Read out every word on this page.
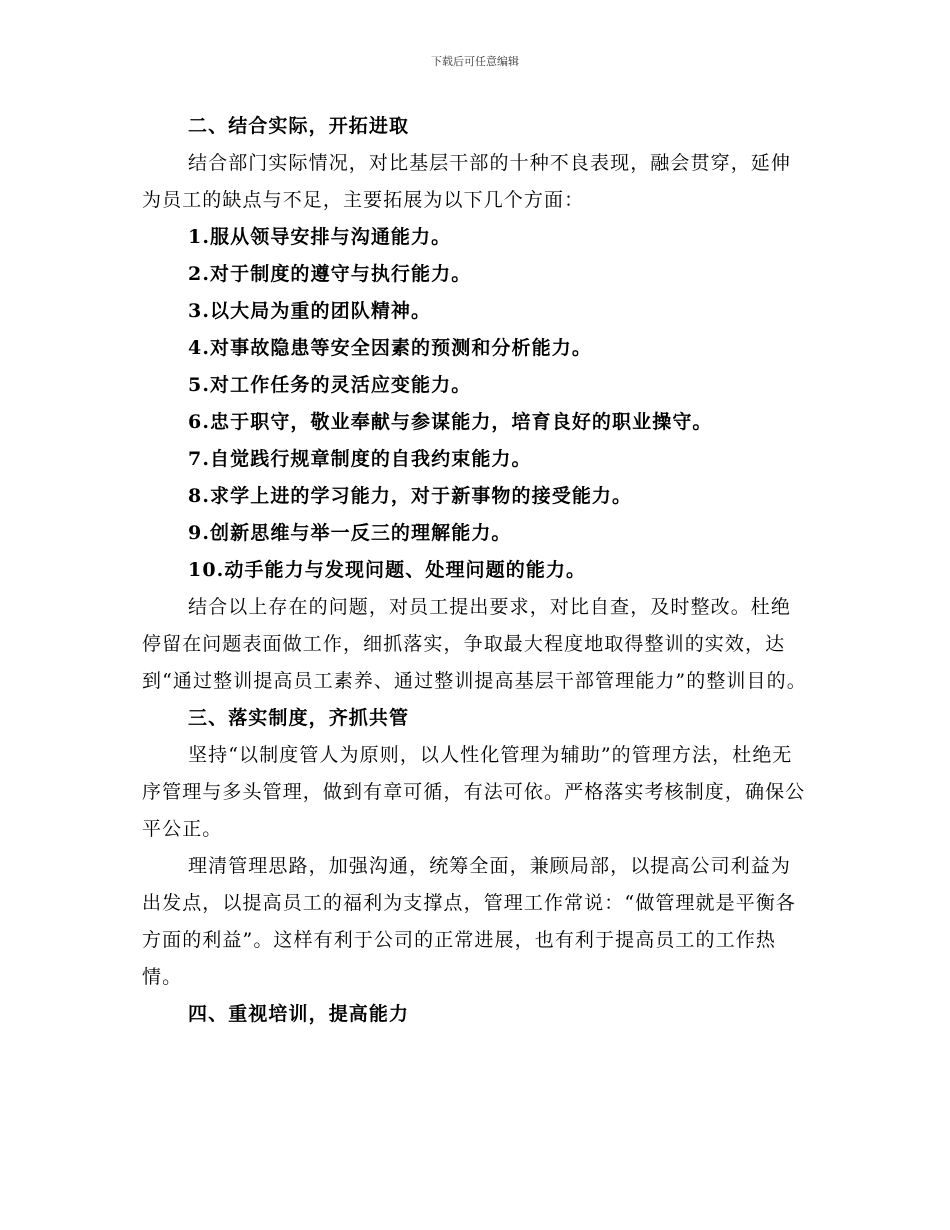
下载后可任意编辑

二、结合实际，开拓进取

结合部门实际情况，对比基层干部的十种不良表现，融会贯穿，延伸为员工的缺点与不足，主要拓展为以下几个方面：

1.服从领导安排与沟通能力。

2.对于制度的遵守与执行能力。

3.以大局为重的团队精神。

4.对事故隐患等安全因素的预测和分析能力。

5.对工作任务的灵活应变能力。

6.忠于职守，敬业奉献与参谋能力，培育良好的职业操守。

7.自觉践行规章制度的自我约束能力。

8.求学上进的学习能力，对于新事物的接受能力。

9.创新思维与举一反三的理解能力。

10.动手能力与发现问题、处理问题的能力。

结合以上存在的问题，对员工提出要求，对比自查，及时整改。杜绝停留在问题表面做工作，细抓落实，争取最大程度地取得整训的实效，达到“通过整训提高员工素养、通过整训提高基层干部管理能力”的整训目的。

三、落实制度，齐抓共管

坚持“以制度管人为原则，以人性化管理为辅助”的管理方法，杜绝无序管理与多头管理，做到有章可循，有法可依。严格落实考核制度，确保公平公正。

理清管理思路，加强沟通，统筹全面，兼顾局部，以提高公司利益为出发点，以提高员工的福利为支撑点，管理工作常说：“做管理就是平衡各方面的利益”。这样有利于公司的正常进展，也有利于提高员工的工作热情。

四、重视培训，提高能力
